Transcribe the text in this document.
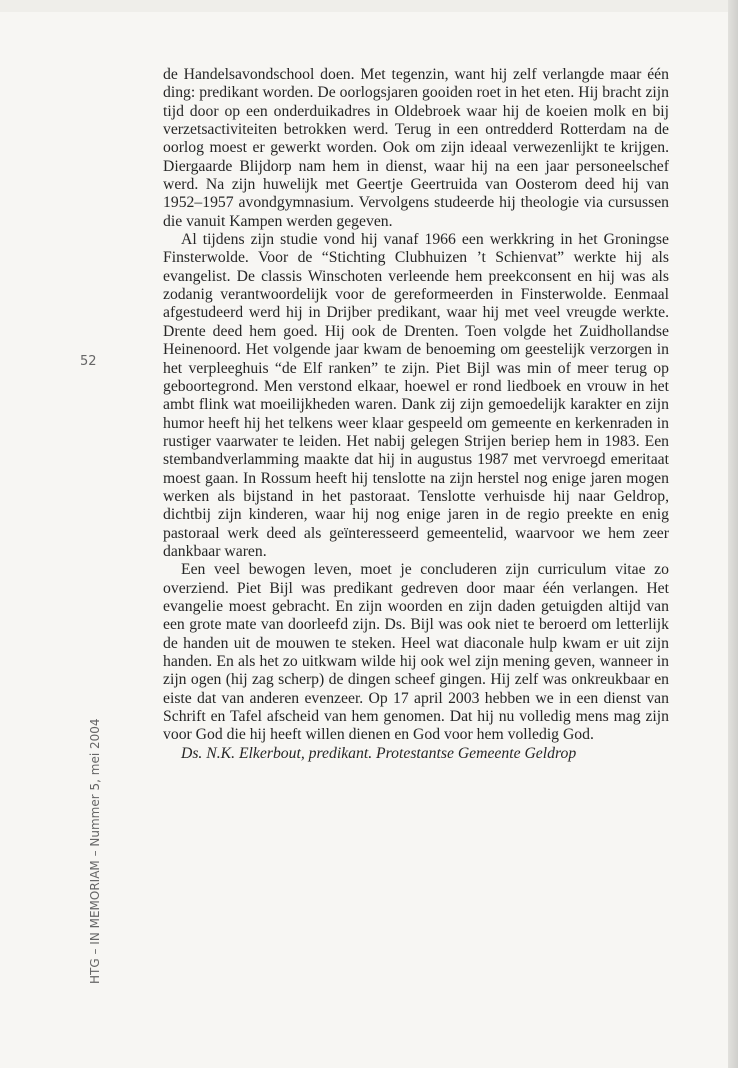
52
HTG – IN MEMORIAM – Nummer 5, mei 2004

de Handelsavondschool doen. Met tegenzin, want hij zelf verlangde maar één ding: predikant worden. De oorlogsjaren gooiden roet in het eten. Hij bracht zijn tijd door op een onderduikadres in Oldebroek waar hij de koeien molk en bij verzetsactiviteiten betrokken werd. Terug in een ontredderd Rotterdam na de oorlog moest er gewerkt worden. Ook om zijn ideaal verwezenlijkt te krijgen. Diergaarde Blijdorp nam hem in dienst, waar hij na een jaar personeelschef werd. Na zijn huwelijk met Geertje Geertruida van Oosterom deed hij van 1952–1957 avondgymnasium. Vervolgens studeerde hij theologie via cursussen die vanuit Kampen werden gegeven.

Al tijdens zijn studie vond hij vanaf 1966 een werkkring in het Groningse Finsterwolde. Voor de “Stichting Clubhuizen ’t Schienvat” werkte hij als evangelist. De classis Winschoten verleende hem preekconsent en hij was als zodanig verantwoordelijk voor de gereformeerden in Finsterwolde. Eenmaal afgestudeerd werd hij in Drijber predikant, waar hij met veel vreugde werkte. Drente deed hem goed. Hij ook de Drenten. Toen volgde het Zuidhollandse Heinenoord. Het volgende jaar kwam de benoeming om geestelijk verzorgen in het verpleeghuis “de Elf ranken” te zijn. Piet Bijl was min of meer terug op geboortegrond. Men verstond elkaar, hoewel er rond liedboek en vrouw in het ambt flink wat moeilijkheden waren. Dank zij zijn gemoedelijk karakter en zijn humor heeft hij het telkens weer klaar gespeeld om gemeente en kerkenraden in rustiger vaarwater te leiden. Het nabij gelegen Strijen beriep hem in 1983. Een stembandverlamming maakte dat hij in augustus 1987 met vervroegd emeritaat moest gaan. In Rossum heeft hij tenslotte na zijn herstel nog enige jaren mogen werken als bijstand in het pastoraat. Tenslotte verhuisde hij naar Geldrop, dichtbij zijn kinderen, waar hij nog enige jaren in de regio preekte en enig pastoraal werk deed als geïnteresseerd gemeentelid, waarvoor we hem zeer dankbaar waren.

Een veel bewogen leven, moet je concluderen zijn curriculum vitae zo overziend. Piet Bijl was predikant gedreven door maar één verlangen. Het evangelie moest gebracht. En zijn woorden en zijn daden getuigden altijd van een grote mate van doorleefd zijn. Ds. Bijl was ook niet te beroerd om letterlijk de handen uit de mouwen te steken. Heel wat diaconale hulp kwam er uit zijn handen. En als het zo uitkwam wilde hij ook wel zijn mening geven, wanneer in zijn ogen (hij zag scherp) de dingen scheef gingen. Hij zelf was onkreukbaar en eiste dat van anderen evenzeer. Op 17 april 2003 hebben we in een dienst van Schrift en Tafel afscheid van hem genomen. Dat hij nu volledig mens mag zijn voor God die hij heeft willen dienen en God voor hem volledig God.

Ds. N.K. Elkerbout, predikant. Protestantse Gemeente Geldrop
